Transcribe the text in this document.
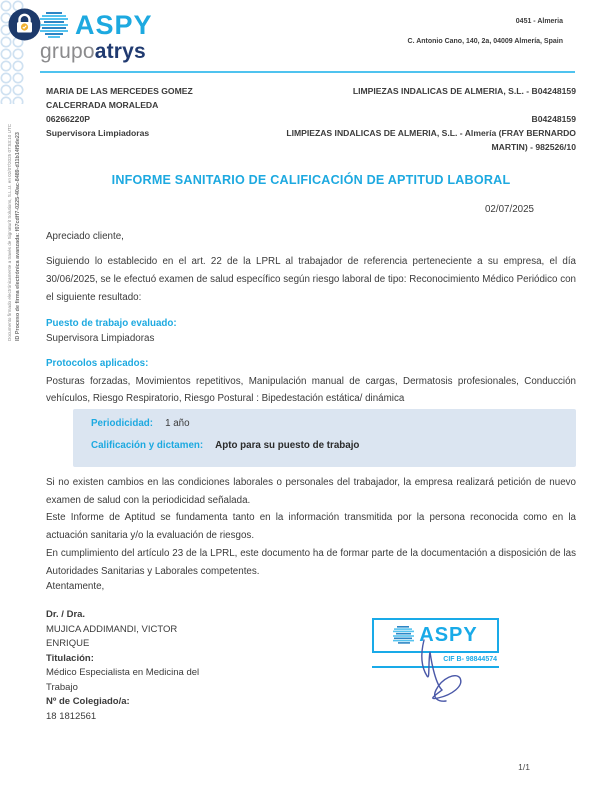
Documento firmado electrónicamente a través de Signaturit Solutions, S.L.U. en 02/07/2025 07:53:10 UTC ID Proceso de firma electrónica avanzada: f07cdff7-0225-40ac-8489-d11b14f9de23
ASPY
grupoatrys
0451 - Almeria
C. Antonio Cano, 140, 2a, 04009 Almería, Spain
MARIA DE LAS MERCEDES GOMEZ
CALCERRADA MORALEDA
06266220P
Supervisora Limpiadoras
LIMPIEZAS INDALICAS DE ALMERIA, S.L. - B04248159
B04248159
LIMPIEZAS INDALICAS DE ALMERIA, S.L. - Almería (FRAY BERNARDO MARTIN) - 982526/10
INFORME SANITARIO DE CALIFICACIÓN DE APTITUD LABORAL
02/07/2025
Apreciado cliente,
Siguiendo lo establecido en el art. 22 de la LPRL al trabajador de referencia perteneciente a su empresa, el día 30/06/2025, se le efectuó examen de salud específico según riesgo laboral de tipo: Reconocimiento Médico Periódico con el siguiente resultado:
Puesto de trabajo evaluado:
Supervisora Limpiadoras
Protocolos aplicados:
Posturas forzadas, Movimientos repetitivos, Manipulación manual de cargas, Dermatosis profesionales, Conducción vehículos, Riesgo Respiratorio, Riesgo Postural : Bipedestación estática/ dinámica
Periodicidad: 1 año
Calificación y dictamen: Apto para su puesto de trabajo
Si no existen cambios en las condiciones laborales o personales del trabajador, la empresa realizará petición de nuevo examen de salud con la periodicidad señalada.
Este Informe de Aptitud se fundamenta tanto en la información transmitida por la persona reconocida como en la actuación sanitaria y/o la evaluación de riesgos.
En cumplimiento del artículo 23 de la LPRL, este documento ha de formar parte de la documentación a disposición de las Autoridades Sanitarias y Laborales competentes.
Atentamente,
Dr. / Dra.
MUJICA ADDIMANDI, VICTOR ENRIQUE
Titulación:
Médico Especialista en Medicina del Trabajo
Nº de Colegiado/a:
18 1812561
ASPY
CIF B- 98844574
1/1
